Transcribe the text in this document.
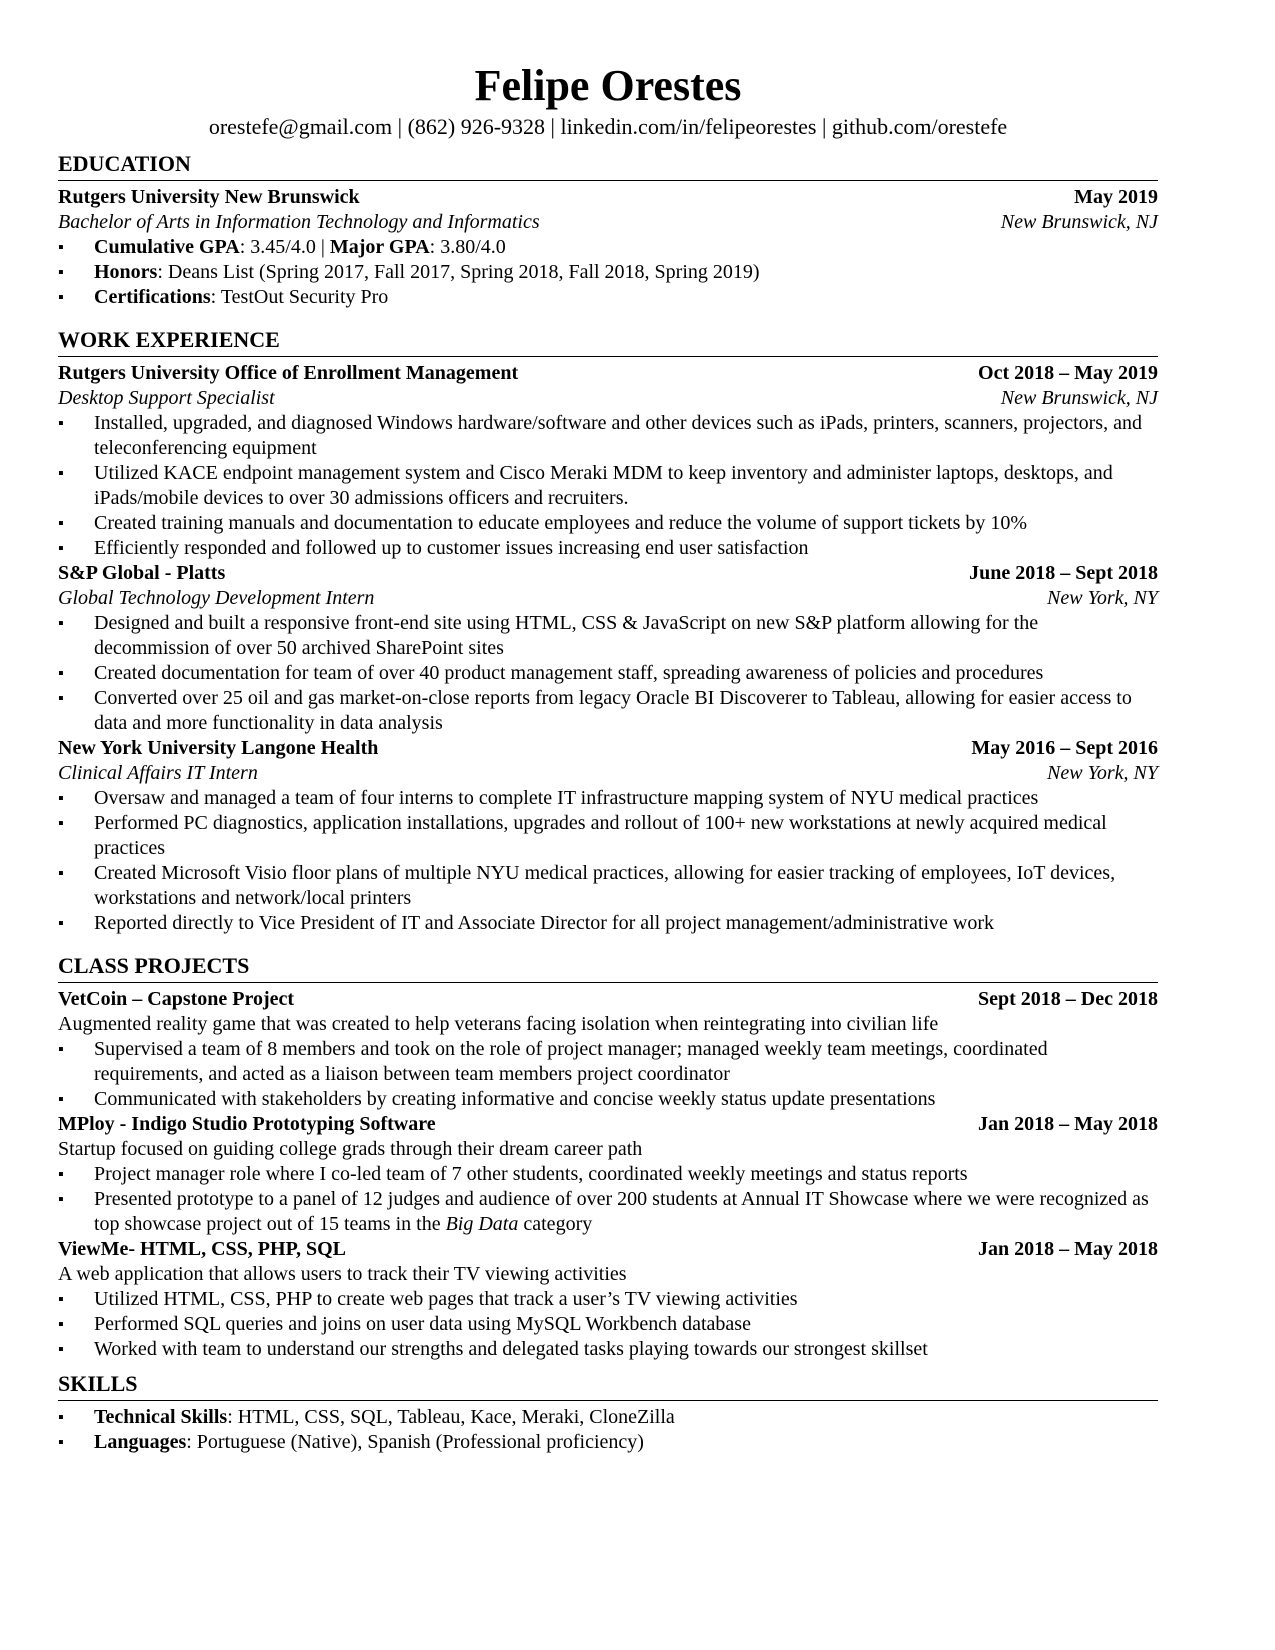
Felipe Orestes
orestefe@gmail.com | (862) 926-9328 | linkedin.com/in/felipeorestes | github.com/orestefe
EDUCATION
Rutgers University New Brunswick	May 2019
Bachelor of Arts in Information Technology and Informatics	New Brunswick, NJ
▪ Cumulative GPA: 3.45/4.0 | Major GPA: 3.80/4.0
▪ Honors: Deans List (Spring 2017, Fall 2017, Spring 2018, Fall 2018, Spring 2019)
▪ Certifications: TestOut Security Pro
WORK EXPERIENCE
Rutgers University Office of Enrollment Management	Oct 2018 – May 2019
Desktop Support Specialist	New Brunswick, NJ
▪ Installed, upgraded, and diagnosed Windows hardware/software and other devices such as iPads, printers, scanners, projectors, and teleconferencing equipment
▪ Utilized KACE endpoint management system and Cisco Meraki MDM to keep inventory and administer laptops, desktops, and iPads/mobile devices to over 30 admissions officers and recruiters.
▪ Created training manuals and documentation to educate employees and reduce the volume of support tickets by 10%
▪ Efficiently responded and followed up to customer issues increasing end user satisfaction
S&P Global - Platts	June 2018 – Sept 2018
Global Technology Development Intern	New York, NY
▪ Designed and built a responsive front-end site using HTML, CSS & JavaScript on new S&P platform allowing for the decommission of over 50 archived SharePoint sites
▪ Created documentation for team of over 40 product management staff, spreading awareness of policies and procedures
▪ Converted over 25 oil and gas market-on-close reports from legacy Oracle BI Discoverer to Tableau, allowing for easier access to data and more functionality in data analysis
New York University Langone Health	May 2016 – Sept 2016
Clinical Affairs IT Intern	New York, NY
▪ Oversaw and managed a team of four interns to complete IT infrastructure mapping system of NYU medical practices
▪ Performed PC diagnostics, application installations, upgrades and rollout of 100+ new workstations at newly acquired medical practices
▪ Created Microsoft Visio floor plans of multiple NYU medical practices, allowing for easier tracking of employees, IoT devices, workstations and network/local printers
▪ Reported directly to Vice President of IT and Associate Director for all project management/administrative work
CLASS PROJECTS
VetCoin – Capstone Project	Sept 2018 – Dec 2018
Augmented reality game that was created to help veterans facing isolation when reintegrating into civilian life
▪ Supervised a team of 8 members and took on the role of project manager; managed weekly team meetings, coordinated requirements, and acted as a liaison between team members project coordinator
▪ Communicated with stakeholders by creating informative and concise weekly status update presentations
MPloy - Indigo Studio Prototyping Software	Jan 2018 – May 2018
Startup focused on guiding college grads through their dream career path
▪ Project manager role where I co-led team of 7 other students, coordinated weekly meetings and status reports
▪ Presented prototype to a panel of 12 judges and audience of over 200 students at Annual IT Showcase where we were recognized as top showcase project out of 15 teams in the Big Data category
ViewMe- HTML, CSS, PHP, SQL	Jan 2018 – May 2018
A web application that allows users to track their TV viewing activities
▪ Utilized HTML, CSS, PHP to create web pages that track a user’s TV viewing activities
▪ Performed SQL queries and joins on user data using MySQL Workbench database
▪ Worked with team to understand our strengths and delegated tasks playing towards our strongest skillset
SKILLS
▪ Technical Skills: HTML, CSS, SQL, Tableau, Kace, Meraki, CloneZilla
▪ Languages: Portuguese (Native), Spanish (Professional proficiency)
